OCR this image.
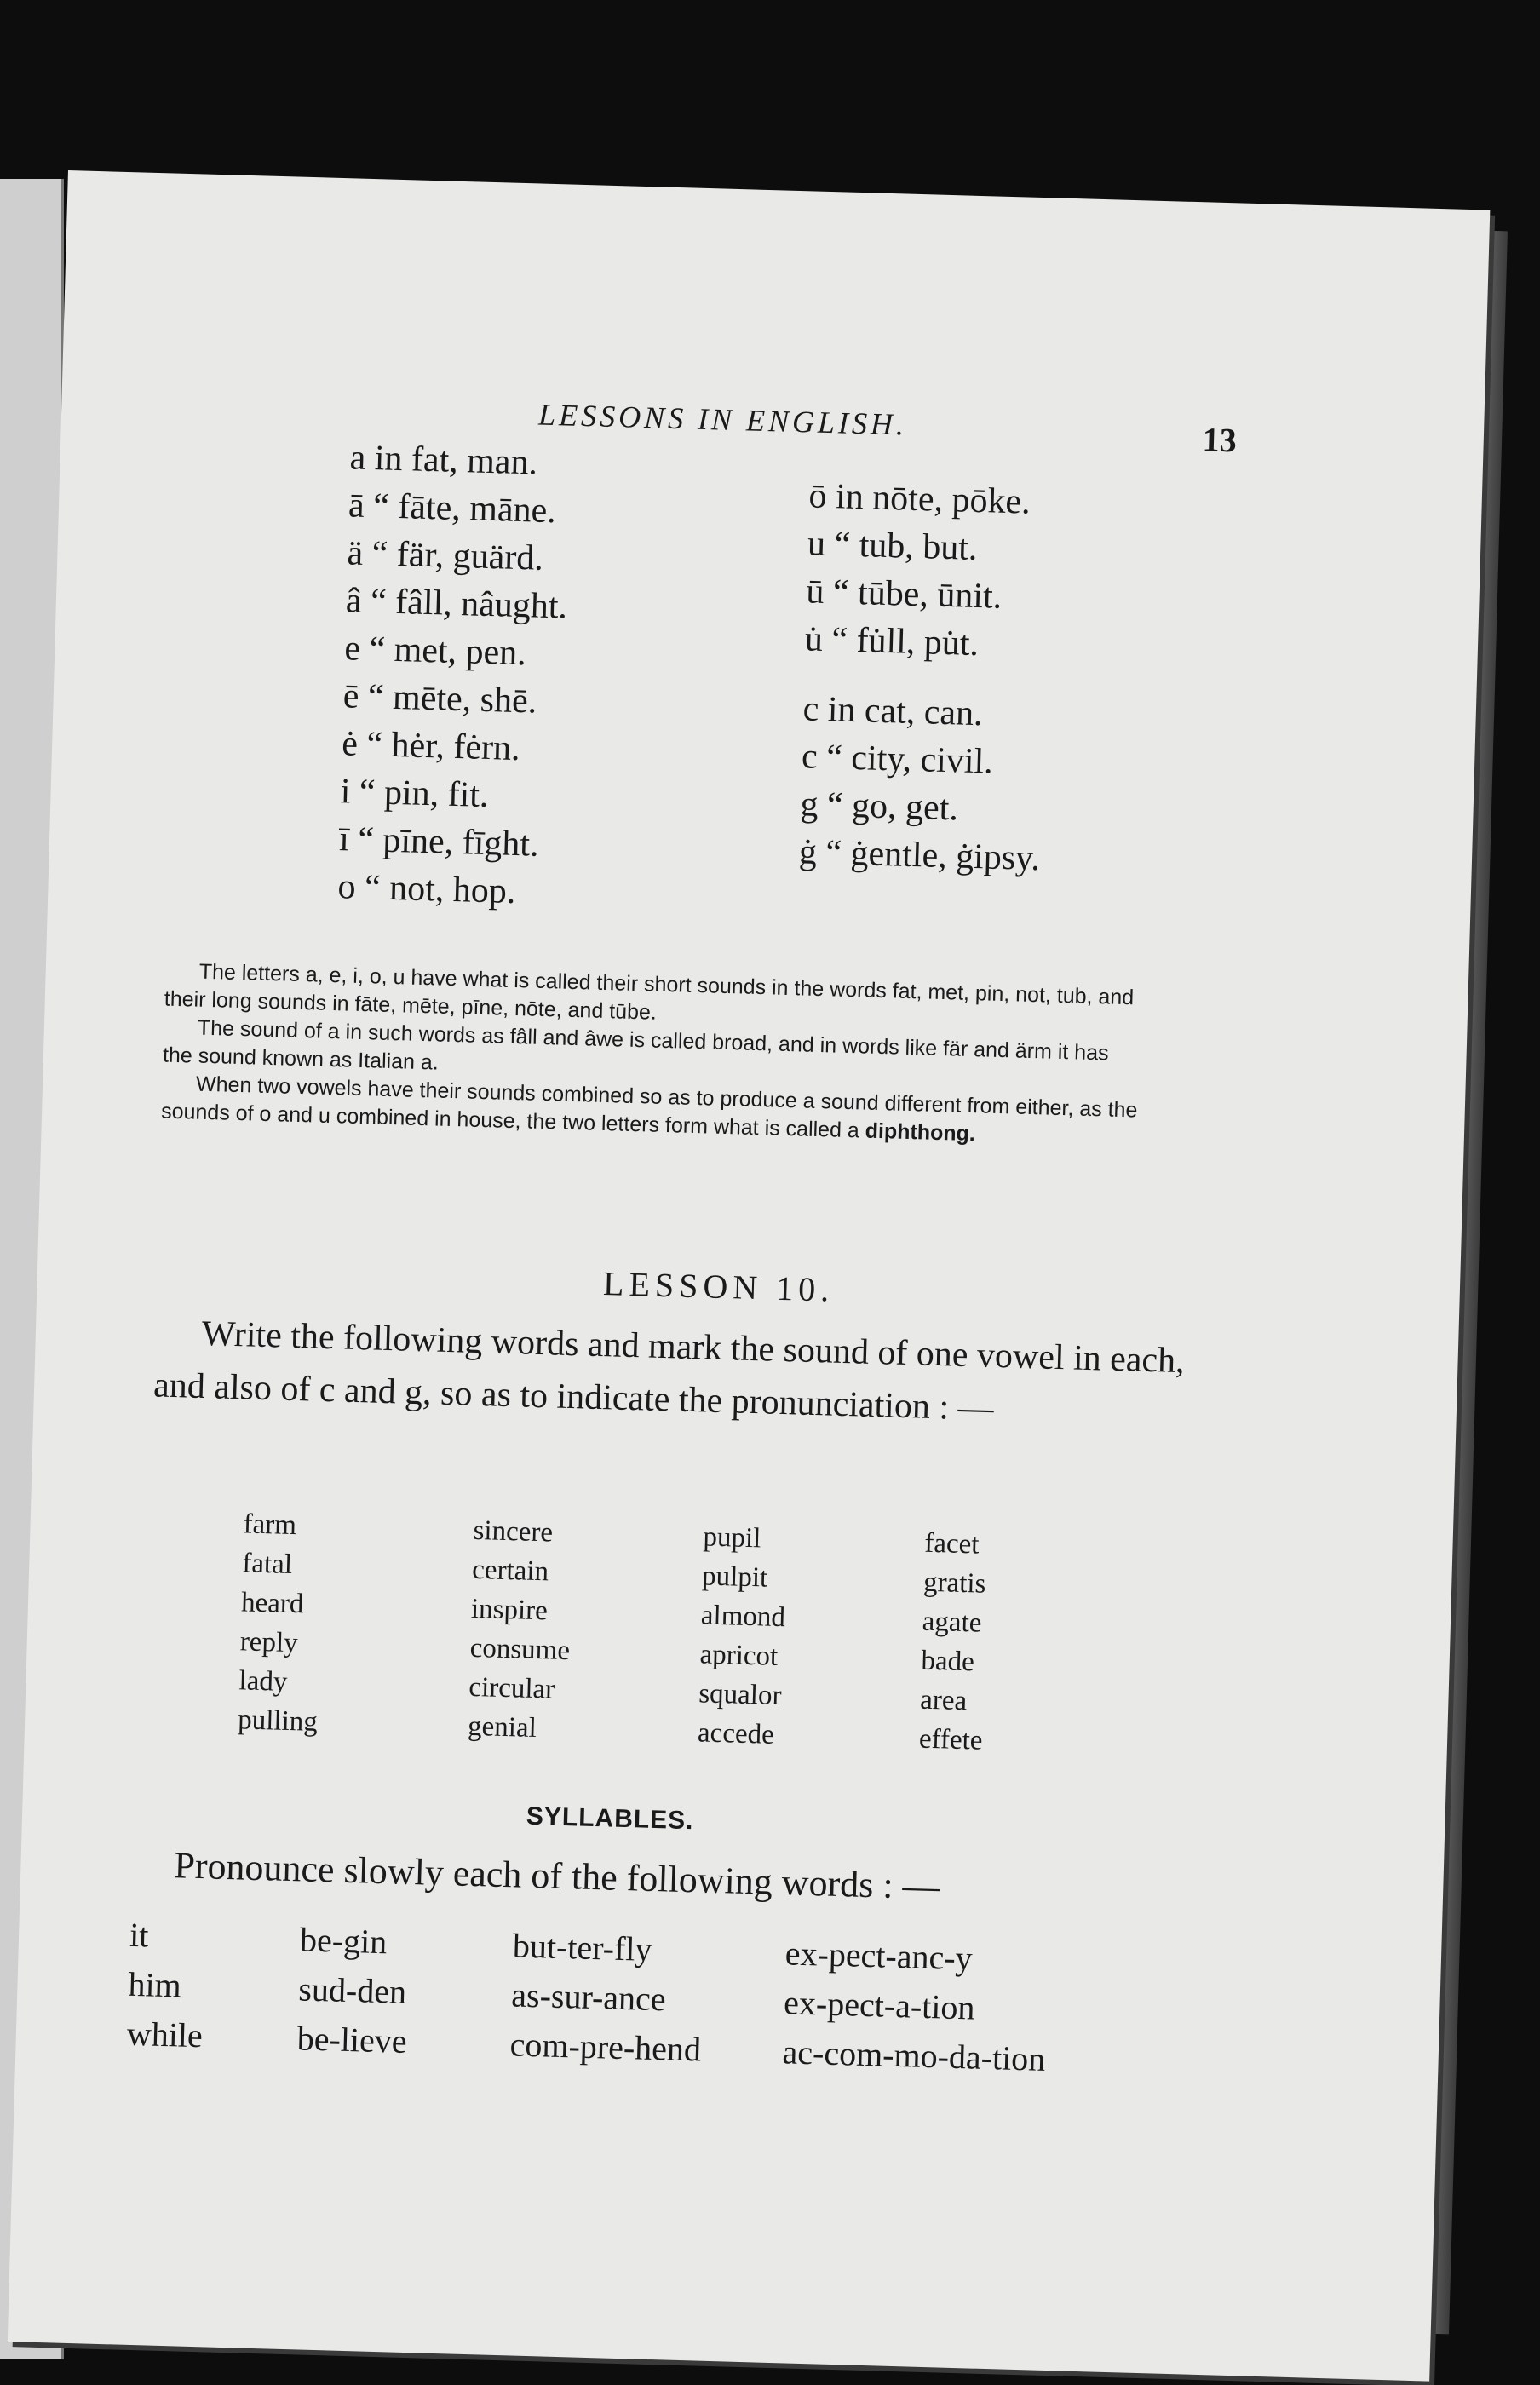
LESSONS IN ENGLISH.	13
a in fat, man.
ā “ fāte, māne.
ä “ fär, guärd.
â “ fâll, nâught.
e “ met, pen.
ē “ mēte, shē.
ė “ hėr, fėrn.
i “ pin, fit.
ī “ pīne, fīght.
o “ not, hop.
ō in nōte, pōke.
u “ tub, but.
ū “ tūbe, ūnit.
u̇ “ fu̇ll, pu̇t.
c in cat, can.
c “ city, civil.
g “ go, get.
ġ “ ġentle, ġipsy.

The letters a, e, i, o, u have what is called their short sounds in the words fat, met, pin, not, tub, and their long sounds in fāte, mēte, pīne, nōte, and tūbe.

The sound of a in such words as fâll and âwe is called broad, and in words like fär and ärm it has the sound known as Italian a.

When two vowels have their sounds combined so as to produce a sound different from either, as the sounds of o and u combined in house, the two letters form what is called a diphthong.

LESSON 10.
Write the following words and mark the sound of one vowel in each, and also of c and g, so as to indicate the pronunciation : —
farm
fatal
heard
reply
lady
pulling
sincere
certain
inspire
consume
circular
genial
pupil
pulpit
almond
apricot
squalor
accede
facet
gratis
agate
bade
area
effete
SYLLABLES.
Pronounce slowly each of the following words : —
it
him
while
be-gin
sud-den
be-lieve
but-ter-fly
as-sur-ance
com-pre-hend
ex-pect-anc-y
ex-pect-a-tion
ac-com-mo-da-tion
